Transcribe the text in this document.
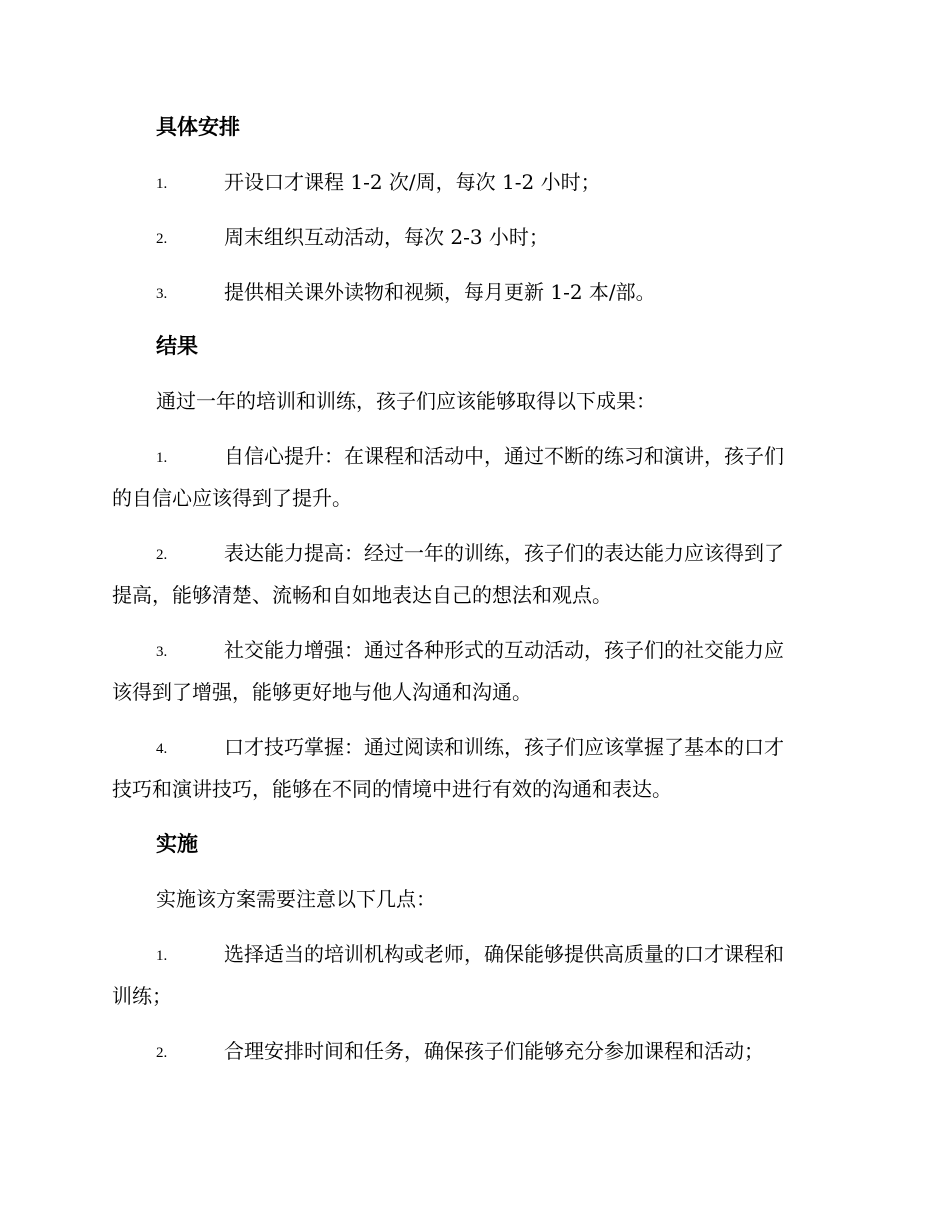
具体安排
1.	开设口才课程 1-2 次/周，每次 1-2 小时；
2.	周末组织互动活动，每次 2-3 小时；
3.	提供相关课外读物和视频，每月更新 1-2 本/部。
结果
通过一年的培训和训练，孩子们应该能够取得以下成果：
1.	自信心提升：在课程和活动中，通过不断的练习和演讲，孩子们
的自信心应该得到了提升。
2.	表达能力提高：经过一年的训练，孩子们的表达能力应该得到了
提高，能够清楚、流畅和自如地表达自己的想法和观点。
3.	社交能力增强：通过各种形式的互动活动，孩子们的社交能力应
该得到了增强，能够更好地与他人沟通和沟通。
4.	口才技巧掌握：通过阅读和训练，孩子们应该掌握了基本的口才
技巧和演讲技巧，能够在不同的情境中进行有效的沟通和表达。
实施
实施该方案需要注意以下几点：
1.	选择适当的培训机构或老师，确保能够提供高质量的口才课程和
训练；
2.	合理安排时间和任务，确保孩子们能够充分参加课程和活动；
